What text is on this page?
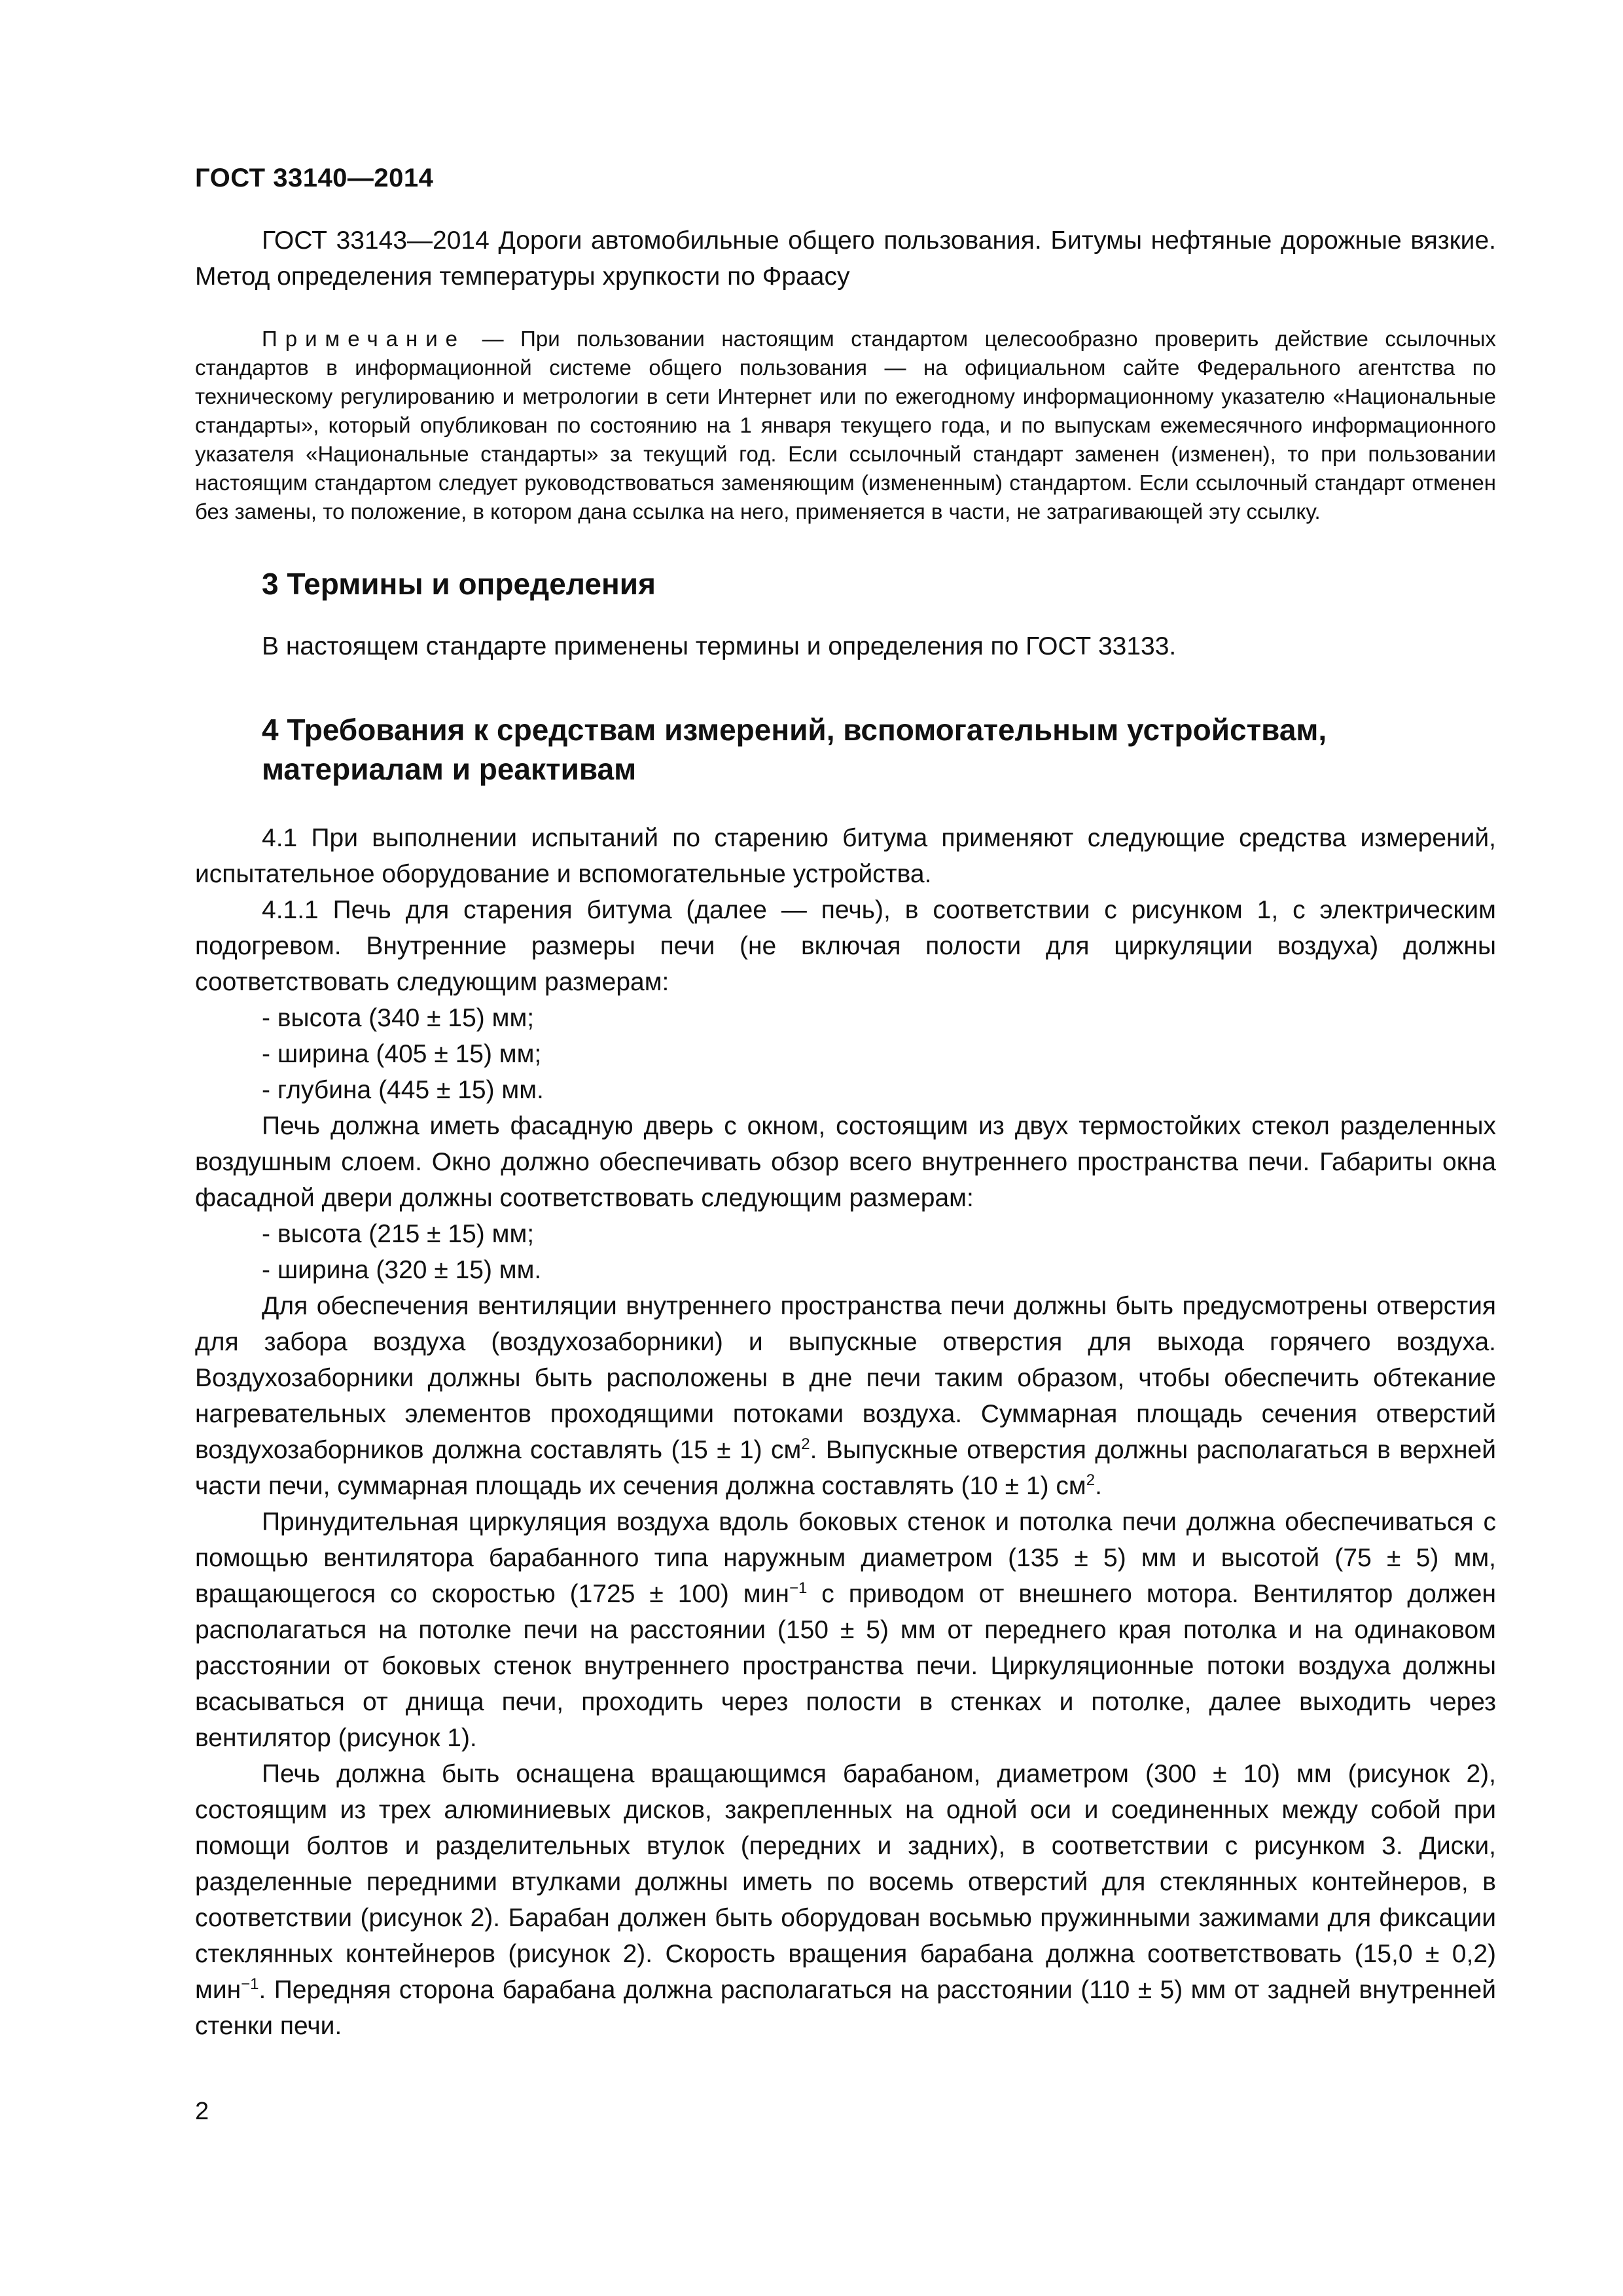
ГОСТ 33140—2014

ГОСТ 33143—2014 Дороги автомобильные общего пользования. Битумы нефтяные дорожные вязкие. Метод определения температуры хрупкости по Фраасу

Примечание — При пользовании настоящим стандартом целесообразно проверить действие ссылочных стандартов в информационной системе общего пользования — на официальном сайте Федерального агентства по техническому регулированию и метрологии в сети Интернет или по ежегодному информационному указателю «Национальные стандарты», который опубликован по состоянию на 1 января текущего года, и по выпускам ежемесячного информационного указателя «Национальные стандарты» за текущий год. Если ссылочный стандарт заменен (изменен), то при пользовании настоящим стандартом следует руководствоваться заменяющим (измененным) стандартом. Если ссылочный стандарт отменен без замены, то положение, в котором дана ссылка на него, применяется в части, не затрагивающей эту ссылку.

3 Термины и определения

В настоящем стандарте применены термины и определения по ГОСТ 33133.

4 Требования к средствам измерений, вспомогательным устройствам, материалам и реактивам

4.1 При выполнении испытаний по старению битума применяют следующие средства измерений, испытательное оборудование и вспомогательные устройства.

4.1.1 Печь для старения битума (далее — печь), в соответствии с рисунком 1, с электрическим подогревом. Внутренние размеры печи (не включая полости для циркуляции воздуха) должны соответствовать следующим размерам:

- высота (340 ± 15) мм;

- ширина (405 ± 15) мм;

- глубина (445 ± 15) мм.

Печь должна иметь фасадную дверь с окном, состоящим из двух термостойких стекол разделенных воздушным слоем. Окно должно обеспечивать обзор всего внутреннего пространства печи. Габариты окна фасадной двери должны соответствовать следующим размерам:

- высота (215 ± 15) мм;

- ширина (320 ± 15) мм.

Для обеспечения вентиляции внутреннего пространства печи должны быть предусмотрены отверстия для забора воздуха (воздухозаборники) и выпускные отверстия для выхода горячего воздуха. Воздухозаборники должны быть расположены в дне печи таким образом, чтобы обеспечить обтекание нагревательных элементов проходящими потоками воздуха. Суммарная площадь сечения отверстий воздухозаборников должна составлять (15 ± 1) $см^2$. Выпускные отверстия должны располагаться в верхней части печи, суммарная площадь их сечения должна составлять (10 ± 1) $см^2$.

Принудительная циркуляция воздуха вдоль боковых стенок и потолка печи должна обеспечиваться с помощью вентилятора барабанного типа наружным диаметром (135 ± 5) мм и высотой (75 ± 5) мм, вращающегося со скоростью (1725 ± 100) мин$^{-1}$ с приводом от внешнего мотора. Вентилятор должен располагаться на потолке печи на расстоянии (150 ± 5) мм от переднего края потолка и на одинаковом расстоянии от боковых стенок внутреннего пространства печи. Циркуляционные потоки воздуха должны всасываться от днища печи, проходить через полости в стенках и потолке, далее выходить через вентилятор (рисунок 1).

Печь должна быть оснащена вращающимся барабаном, диаметром (300 ± 10) мм (рисунок 2), состоящим из трех алюминиевых дисков, закрепленных на одной оси и соединенных между собой при помощи болтов и разделительных втулок (передних и задних), в соответствии с рисунком 3. Диски, разделенные передними втулками должны иметь по восемь отверстий для стеклянных контейнеров, в соответствии (рисунок 2). Барабан должен быть оборудован восьмью пружинными зажимами для фиксации стеклянных контейнеров (рисунок 2). Скорость вращения барабана должна соответствовать (15,0 ± 0,2) мин$^{-1}$. Передняя сторона барабана должна располагаться на расстоянии (110 ± 5) мм от задней внутренней стенки печи.

2
